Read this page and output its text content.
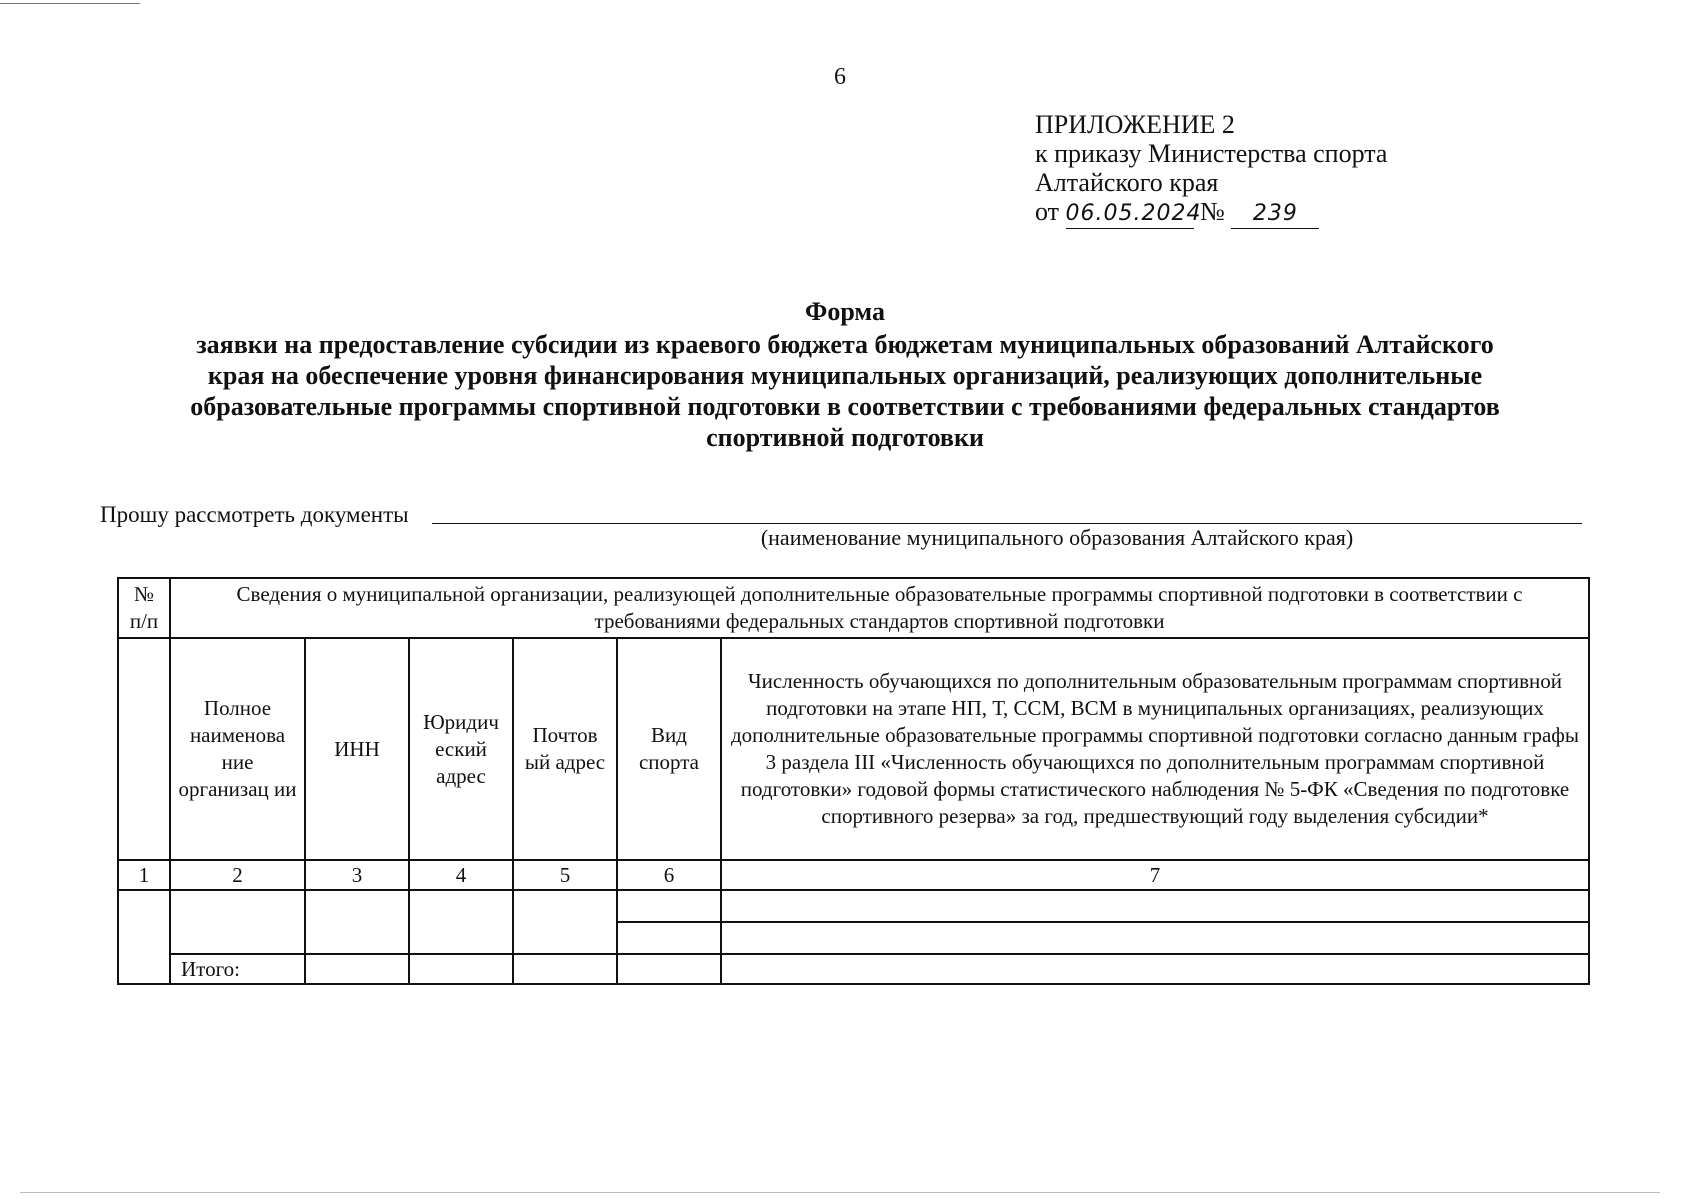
6
ПРИЛОЖЕНИЕ 2
к приказу Министерства спорта
Алтайского края
от 06.05.2024 № 239
Форма
заявки на предоставление субсидии из краевого бюджета бюджетам муниципальных образований Алтайского
края на обеспечение уровня финансирования муниципальных организаций, реализующих дополнительные
образовательные программы спортивной подготовки в соответствии с требованиями федеральных стандартов
спортивной подготовки
Прошу рассмотреть документы
(наименование муниципального образования Алтайского края)
№ п/п	Сведения о муниципальной организации, реализующей дополнительные образовательные программы спортивной подготовки в соответствии с требованиями федеральных стандартов спортивной подготовки					
	Полное наименова ние организац ии	ИНН	Юридич еский адрес	Почтов ый адрес	Вид спорта	Численность обучающихся по дополнительным образовательным программам спортивной подготовки на этапе НП, Т, ССМ, ВСМ в муниципальных организациях, реализующих дополнительные образовательные программы спортивной подготовки согласно данным графы 3 раздела III «Численность обучающихся по дополнительным программам спортивной подготовки» годовой формы статистического наблюдения № 5-ФК «Сведения по подготовке спортивного резерва» за год, предшествующий году выделения субсидии*
1	2	3	4	5	6	7

	Итого:					
